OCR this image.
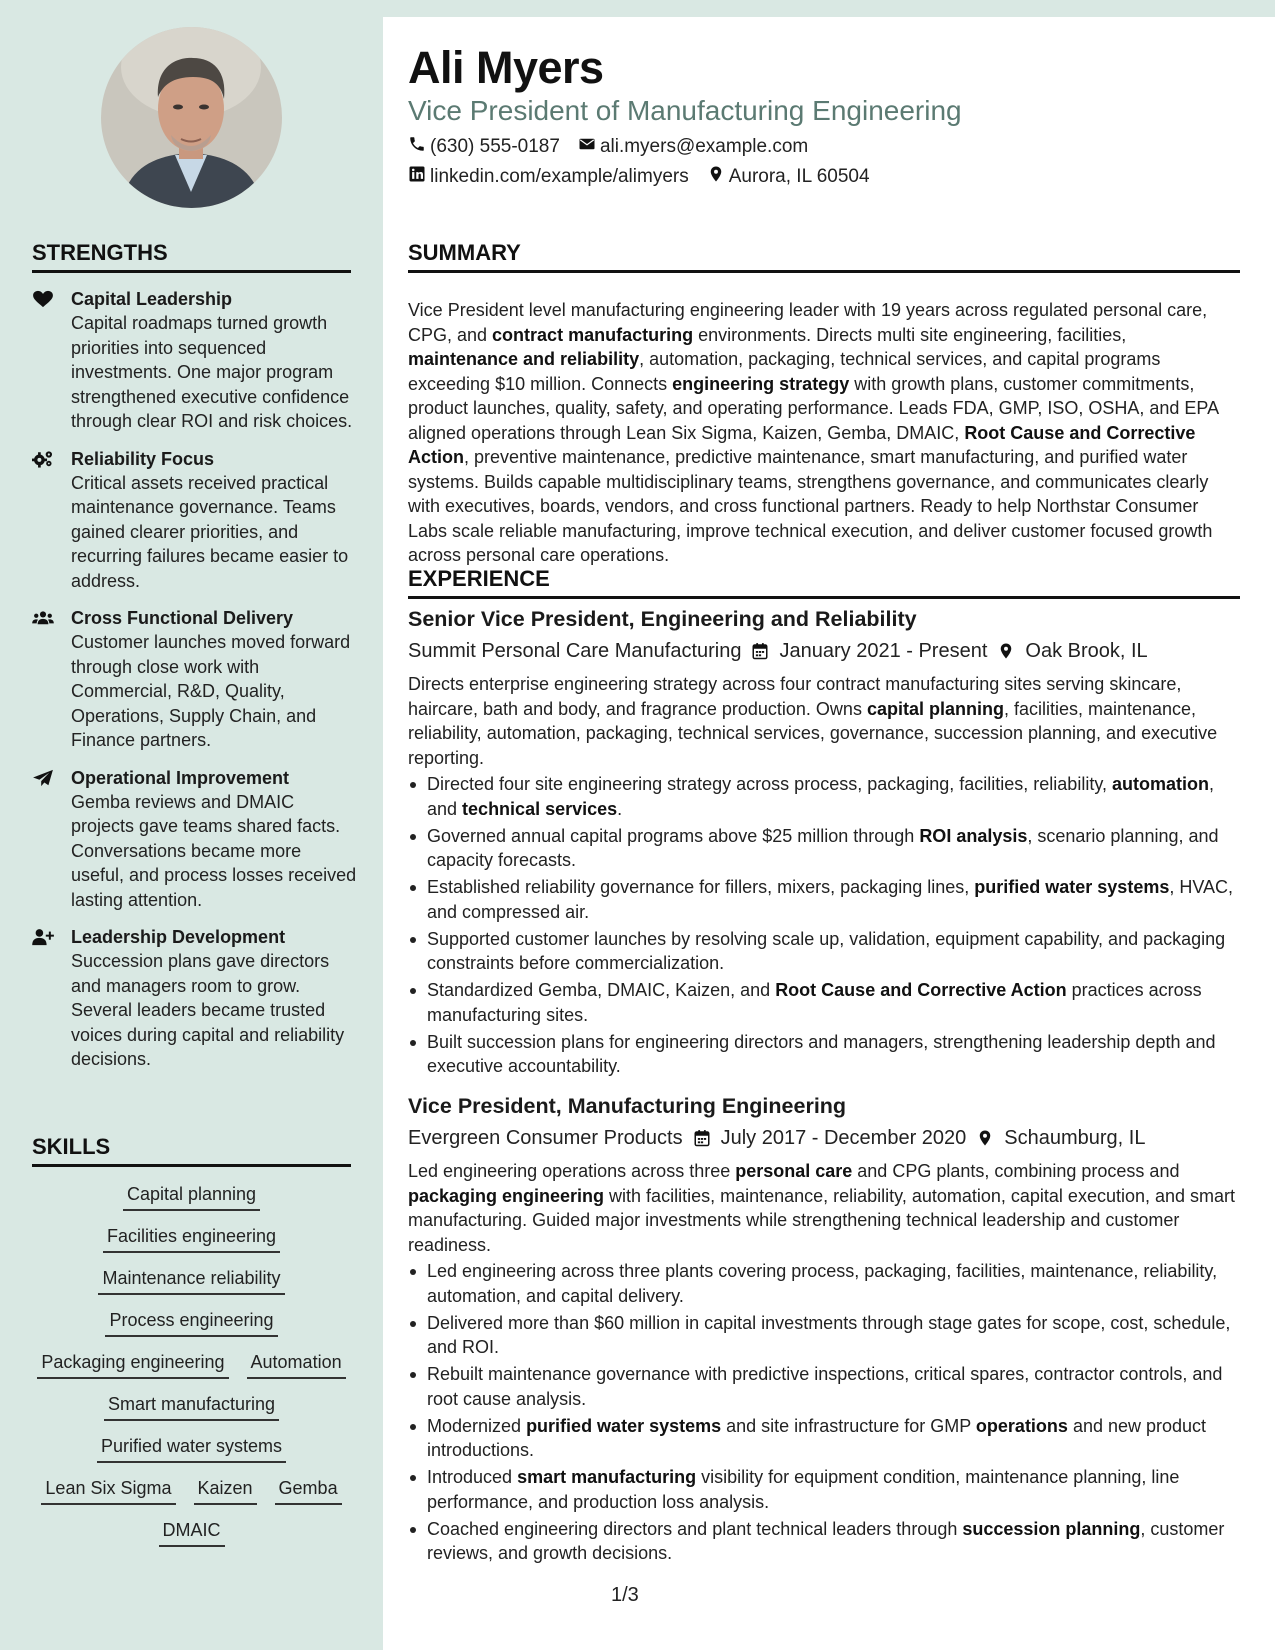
STRENGTHS
Capital Leadership
Capital roadmaps turned growth priorities into sequenced investments. One major program strengthened executive confidence through clear ROI and risk choices.
Reliability Focus
Critical assets received practical maintenance governance. Teams gained clearer priorities, and recurring failures became easier to address.
Cross Functional Delivery
Customer launches moved forward through close work with Commercial, R&D, Quality, Operations, Supply Chain, and Finance partners.
Operational Improvement
Gemba reviews and DMAIC projects gave teams shared facts. Conversations became more useful, and process losses received lasting attention.
Leadership Development
Succession plans gave directors and managers room to grow. Several leaders became trusted voices during capital and reliability decisions.
SKILLS
Capital planning
Facilities engineering
Maintenance reliability
Process engineering
Packaging engineering Automation
Smart manufacturing
Purified water systems
Lean Six Sigma Kaizen Gemba
DMAIC
Ali Myers
Vice President of Manufacturing Engineering
(630) 555-0187 ali.myers@example.com
linkedin.com/example/alimyers Aurora, IL 60504
SUMMARY
Vice President level manufacturing engineering leader with 19 years across regulated personal care, CPG, and contract manufacturing environments. Directs multi site engineering, facilities, maintenance and reliability, automation, packaging, technical services, and capital programs exceeding $10 million. Connects engineering strategy with growth plans, customer commitments, product launches, quality, safety, and operating performance. Leads FDA, GMP, ISO, OSHA, and EPA aligned operations through Lean Six Sigma, Kaizen, Gemba, DMAIC, Root Cause and Corrective Action, preventive maintenance, predictive maintenance, smart manufacturing, and purified water systems. Builds capable multidisciplinary teams, strengthens governance, and communicates clearly with executives, boards, vendors, and cross functional partners. Ready to help Northstar Consumer Labs scale reliable manufacturing, improve technical execution, and deliver customer focused growth across personal care operations.
EXPERIENCE
Senior Vice President, Engineering and Reliability
Summit Personal Care Manufacturing January 2021 - Present Oak Brook, IL
Directs enterprise engineering strategy across four contract manufacturing sites serving skincare, haircare, bath and body, and fragrance production. Owns capital planning, facilities, maintenance, reliability, automation, packaging, technical services, governance, succession planning, and executive reporting.
Directed four site engineering strategy across process, packaging, facilities, reliability, automation, and technical services.
Governed annual capital programs above $25 million through ROI analysis, scenario planning, and capacity forecasts.
Established reliability governance for fillers, mixers, packaging lines, purified water systems, HVAC, and compressed air.
Supported customer launches by resolving scale up, validation, equipment capability, and packaging constraints before commercialization.
Standardized Gemba, DMAIC, Kaizen, and Root Cause and Corrective Action practices across manufacturing sites.
Built succession plans for engineering directors and managers, strengthening leadership depth and executive accountability.
Vice President, Manufacturing Engineering
Evergreen Consumer Products July 2017 - December 2020 Schaumburg, IL
Led engineering operations across three personal care and CPG plants, combining process and packaging engineering with facilities, maintenance, reliability, automation, capital execution, and smart manufacturing. Guided major investments while strengthening technical leadership and customer readiness.
Led engineering across three plants covering process, packaging, facilities, maintenance, reliability, automation, and capital delivery.
Delivered more than $60 million in capital investments through stage gates for scope, cost, schedule, and ROI.
Rebuilt maintenance governance with predictive inspections, critical spares, contractor controls, and root cause analysis.
Modernized purified water systems and site infrastructure for GMP operations and new product introductions.
Introduced smart manufacturing visibility for equipment condition, maintenance planning, line performance, and production loss analysis.
Coached engineering directors and plant technical leaders through succession planning, customer reviews, and growth decisions.
1/3
